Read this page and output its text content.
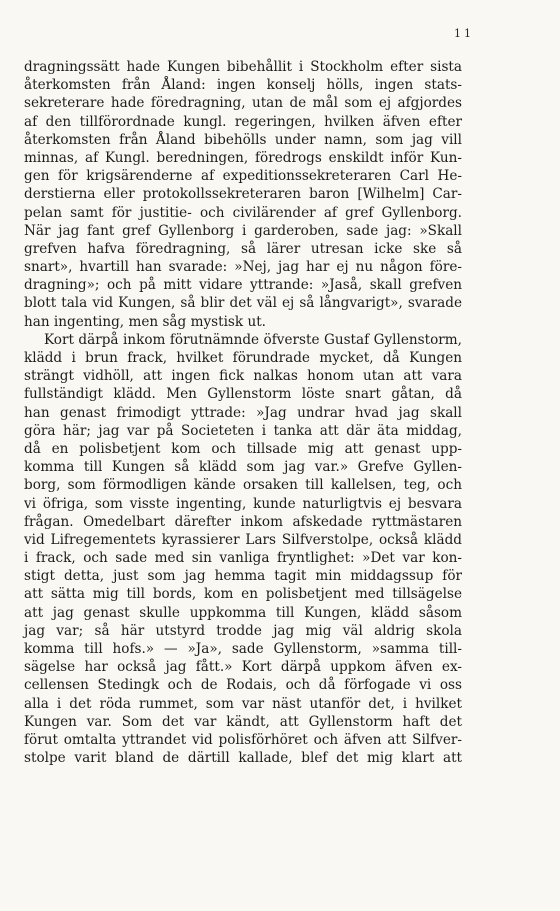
11
dragningssätt hade Kungen bibehållit i Stockholm efter sista
återkomsten från Åland: ingen konselj hölls, ingen stats-
sekreterare hade föredragning, utan de mål som ej afgjordes
af den tillförordnade kungl. regeringen, hvilken äfven efter
återkomsten från Åland bibehölls under namn, som jag vill
minnas, af Kungl. beredningen, föredrogs enskildt inför Kun-
gen för krigsärenderne af expeditionssekreteraren Carl He-
derstierna eller protokollssekreteraren baron [Wilhelm] Car-
pelan samt för justitie- och civilärender af gref Gyllenborg.
När jag fant gref Gyllenborg i garderoben, sade jag: »Skall
grefven hafva föredragning, så lärer utresan icke ske så
snart», hvartill han svarade: »Nej, jag har ej nu någon före-
dragning»; och på mitt vidare yttrande: »Jaså, skall grefven
blott tala vid Kungen, så blir det väl ej så långvarigt», svarade
han ingenting, men såg mystisk ut.
Kort därpå inkom förutnämnde öfverste Gustaf Gyllenstorm,
klädd i brun frack, hvilket förundrade mycket, då Kungen
strängt vidhöll, att ingen fick nalkas honom utan att vara
fullständigt klädd. Men Gyllenstorm löste snart gåtan, då
han genast frimodigt yttrade: »Jag undrar hvad jag skall
göra här; jag var på Societeten i tanka att där äta middag,
då en polisbetjent kom och tillsade mig att genast upp-
komma till Kungen så klädd som jag var.» Grefve Gyllen-
borg, som förmodligen kände orsaken till kallelsen, teg, och
vi öfriga, som visste ingenting, kunde naturligtvis ej besvara
frågan. Omedelbart därefter inkom afskedade ryttmästaren
vid Lifregementets kyrassierer Lars Silfverstolpe, också klädd
i frack, och sade med sin vanliga fryntlighet: »Det var kon-
stigt detta, just som jag hemma tagit min middagssup för
att sätta mig till bords, kom en polisbetjent med tillsägelse
att jag genast skulle uppkomma till Kungen, klädd såsom
jag var; så här utstyrd trodde jag mig väl aldrig skola
komma till hofs.» — »Ja», sade Gyllenstorm, »samma till-
sägelse har också jag fått.» Kort därpå uppkom äfven ex-
cellensen Stedingk och de Rodais, och då förfogade vi oss
alla i det röda rummet, som var näst utanför det, i hvilket
Kungen var. Som det var kändt, att Gyllenstorm haft det
förut omtalta yttrandet vid polisförhöret och äfven att Silfver-
stolpe varit bland de därtill kallade, blef det mig klart att
